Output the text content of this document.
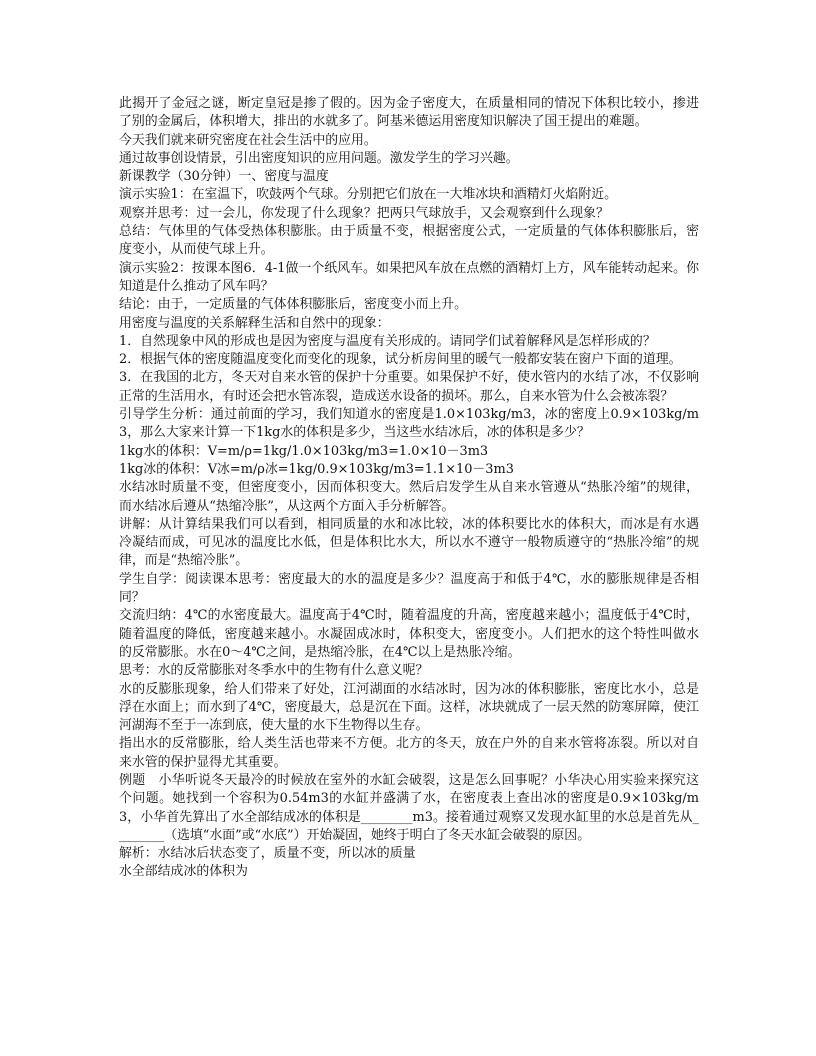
此揭开了金冠之谜，断定皇冠是掺了假的。因为金子密度大，在质量相同的情况下体积比较小，掺进了别的金属后，体积增大，排出的水就多了。阿基米德运用密度知识解决了国王提出的难题。

今天我们就来研究密度在社会生活中的应用。

通过故事创设情景，引出密度知识的应用问题。激发学生的学习兴趣。

新课教学（30分钟）一、密度与温度

演示实验1：在室温下，吹鼓两个气球。分别把它们放在一大堆冰块和酒精灯火焰附近。

观察并思考：过一会儿，你发现了什么现象？把两只气球放手，又会观察到什么现象？

总结：气体里的气体受热体积膨胀。由于质量不变，根据密度公式，一定质量的气体体积膨胀后，密度变小，从而使气球上升。

演示实验2：按课本图6．4-1做一个纸风车。如果把风车放在点燃的酒精灯上方，风车能转动起来。你知道是什么推动了风车吗？

结论：由于，一定质量的气体体积膨胀后，密度变小而上升。

用密度与温度的关系解释生活和自然中的现象：

1．自然现象中风的形成也是因为密度与温度有关形成的。请同学们试着解释风是怎样形成的？

2．根据气体的密度随温度变化而变化的现象，试分析房间里的暖气一般都安装在窗户下面的道理。

3．在我国的北方，冬天对自来水管的保护十分重要。如果保护不好，使水管内的水结了冰，不仅影响正常的生活用水，有时还会把水管冻裂，造成送水设备的损坏。那么，自来水管为什么会被冻裂？

引导学生分析：通过前面的学习，我们知道水的密度是1.0×103kg/m3，冰的密度上0.9×103kg/m3，那么大家来计算一下1kg水的体积是多少，当这些水结冰后，冰的体积是多少？

1kg水的体积：V=m/ρ=1kg/1.0×103kg/m3=1.0×10－3m3

1kg冰的体积：V冰=m/ρ冰=1kg/0.9×103kg/m3=1.1×10－3m3

水结冰时质量不变，但密度变小，因而体积变大。然后启发学生从自来水管遵从“热胀冷缩”的规律，而水结冰后遵从“热缩冷胀”，从这两个方面入手分析解答。

讲解：从计算结果我们可以看到，相同质量的水和冰比较，冰的体积要比水的体积大，而冰是有水遇冷凝结而成，可见冰的温度比水低，但是体积比水大，所以水不遵守一般物质遵守的“热胀冷缩”的规律，而是“热缩冷胀”。

学生自学：阅读课本思考：密度最大的水的温度是多少？温度高于和低于4℃，水的膨胀规律是否相同？

交流归纳：4℃的水密度最大。温度高于4℃时，随着温度的升高，密度越来越小；温度低于4℃时，随着温度的降低，密度越来越小。水凝固成冰时，体积变大，密度变小。人们把水的这个特性叫做水的反常膨胀。水在0～4℃之间，是热缩冷胀，在4℃以上是热胀冷缩。

思考：水的反常膨胀对冬季水中的生物有什么意义呢？

水的反膨胀现象，给人们带来了好处，江河湖面的水结冰时，因为冰的体积膨胀，密度比水小，总是浮在水面上；而水到了4℃，密度最大，总是沉在下面。这样，冰块就成了一层天然的防寒屏障，使江河湖海不至于一冻到底，使大量的水下生物得以生存。

指出水的反常膨胀，给人类生活也带来不方便。北方的冬天，放在户外的自来水管将冻裂。所以对自来水管的保护显得尤其重要。

例题　小华听说冬天最冷的时候放在室外的水缸会破裂，这是怎么回事呢？小华决心用实验来探究这个问题。她找到一个容积为0.54m3的水缸并盛满了水，在密度表上查出冰的密度是0.9×103kg/m3，小华首先算出了水全部结成冰的体积是________m3。接着通过观察又发现水缸里的水总是首先从________（选填“水面”或“水底”）开始凝固，她终于明白了冬天水缸会破裂的原因。

解析：水结冰后状态变了，质量不变，所以冰的质量

水全部结成冰的体积为
